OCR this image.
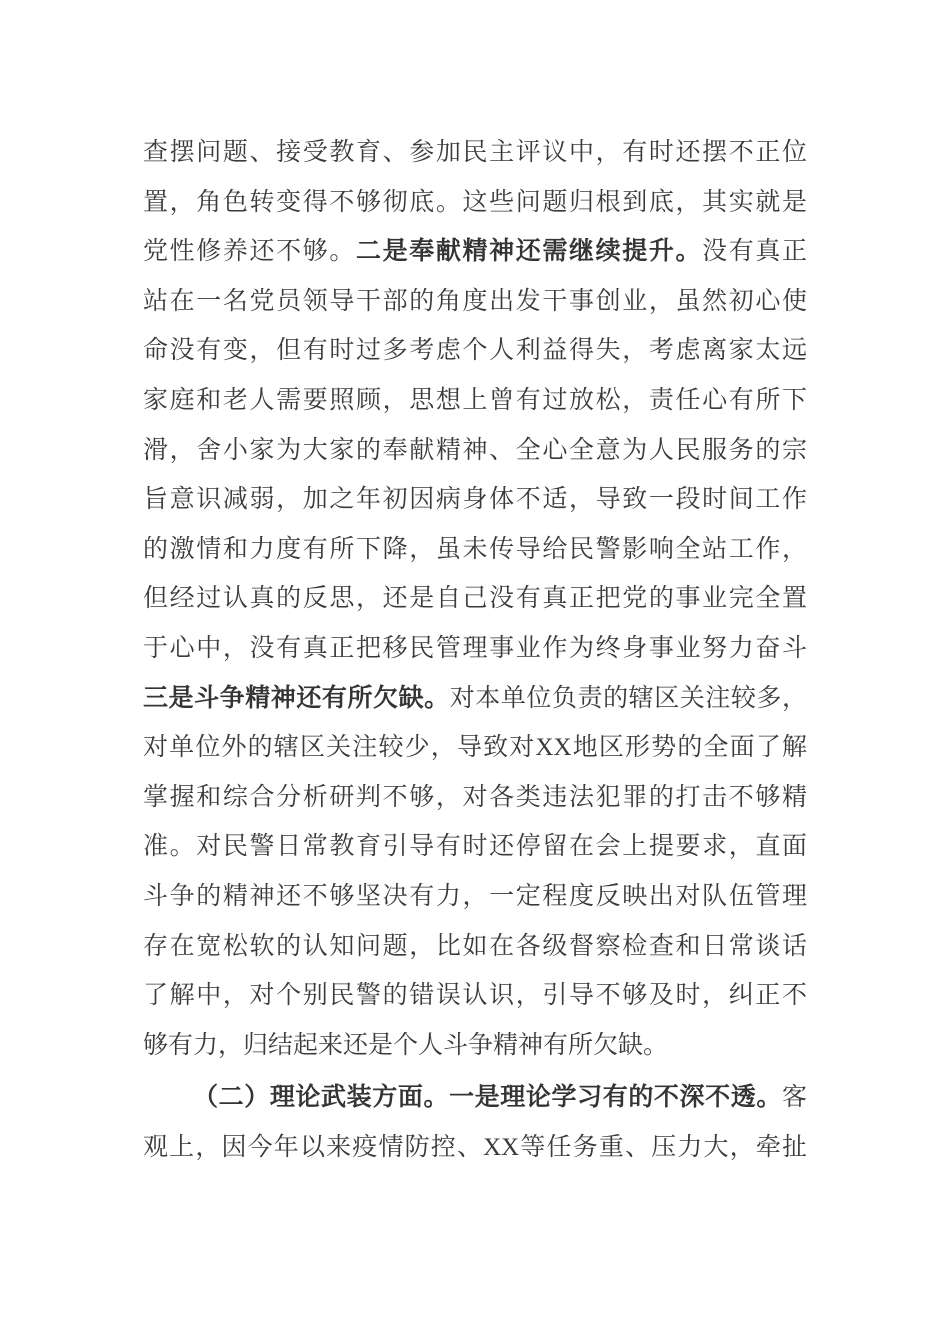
查摆问题、接受教育、参加民主评议中，有时还摆不正位
置，角色转变得不够彻底。这些问题归根到底，其实就是
党性修养还不够。二是奉献精神还需继续提升。没有真正
站在一名党员领导干部的角度出发干事创业，虽然初心使
命没有变，但有时过多考虑个人利益得失，考虑离家太远
家庭和老人需要照顾，思想上曾有过放松，责任心有所下
滑，舍小家为大家的奉献精神、全心全意为人民服务的宗
旨意识减弱，加之年初因病身体不适，导致一段时间工作
的激情和力度有所下降，虽未传导给民警影响全站工作，
但经过认真的反思，还是自己没有真正把党的事业完全置
于心中，没有真正把移民管理事业作为终身事业努力奋斗
三是斗争精神还有所欠缺。对本单位负责的辖区关注较多，
对单位外的辖区关注较少，导致对XX地区形势的全面了解
掌握和综合分析研判不够，对各类违法犯罪的打击不够精
准。对民警日常教育引导有时还停留在会上提要求，直面
斗争的精神还不够坚决有力，一定程度反映出对队伍管理
存在宽松软的认知问题，比如在各级督察检查和日常谈话
了解中，对个别民警的错误认识，引导不够及时，纠正不
够有力，归结起来还是个人斗争精神有所欠缺。
（二）理论武装方面。一是理论学习有的不深不透。客
观上，因今年以来疫情防控、XX等任务重、压力大，牵扯
